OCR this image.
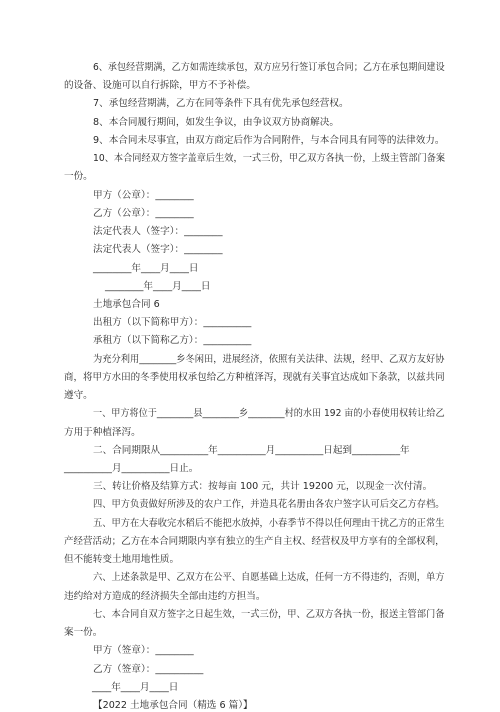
6、承包经营期满，乙方如需连续承包，双方应另行签订承包合同；乙方在承包期间建设
的设备、设施可以自行拆除，甲方不予补偿。
7、承包经营期满，乙方在同等条件下具有优先承包经营权。
8、本合同履行期间，如发生争议，由争议双方协商解决。
9、本合同未尽事宜，由双方商定后作为合同附件，与本合同具有同等的法律效力。
10、本合同经双方签字盖章后生效，一式三份，甲乙双方各执一份，上级主管部门备案
一份。
甲方（公章）：________
乙方（公章）：________
法定代表人（签字）：________
法定代表人（签字）：________
________年____月____日
________年____月____日
土地承包合同 6
出租方（以下简称甲方）：__________
承租方（以下简称乙方）：__________
为充分利用________乡冬闲田，进展经济，依照有关法律、法规，经甲、乙双方友好协
商，将甲方水田的冬季使用权承包给乙方种植泽泻，现就有关事宜达成如下条款，以兹共同
遵守。
一、甲方将位于________县________乡________村的水田 192 亩的小春使用权转让给乙
方用于种植泽泻。
二、合同期限从__________年__________月__________日起到__________年
__________月__________日止。
三、转让价格及结算方式：按每亩 100 元，共计 19200 元，以现金一次付清。
四、甲方负责做好所涉及的农户工作，并造具花名册由各农户签字认可后交乙方存档。
五、甲方在大春收完水稻后不能把水放掉，小春季节不得以任何理由干扰乙方的正常生
产经营活动；乙方在本合同期限内享有独立的生产自主权、经营权及甲方享有的全部权利，
但不能转变土地用地性质。
六、上述条款是甲、乙双方在公平、自愿基础上达成，任何一方不得违约，否则，单方
违约给对方造成的经济损失全部由违约方担当。
七、本合同自双方签字之日起生效，一式三份，甲、乙双方各执一份，报送主管部门备
案一份。
甲方（签章）：________
乙方（签章）：__________
____年____月____日
【2022 土地承包合同（精选 6 篇）】
